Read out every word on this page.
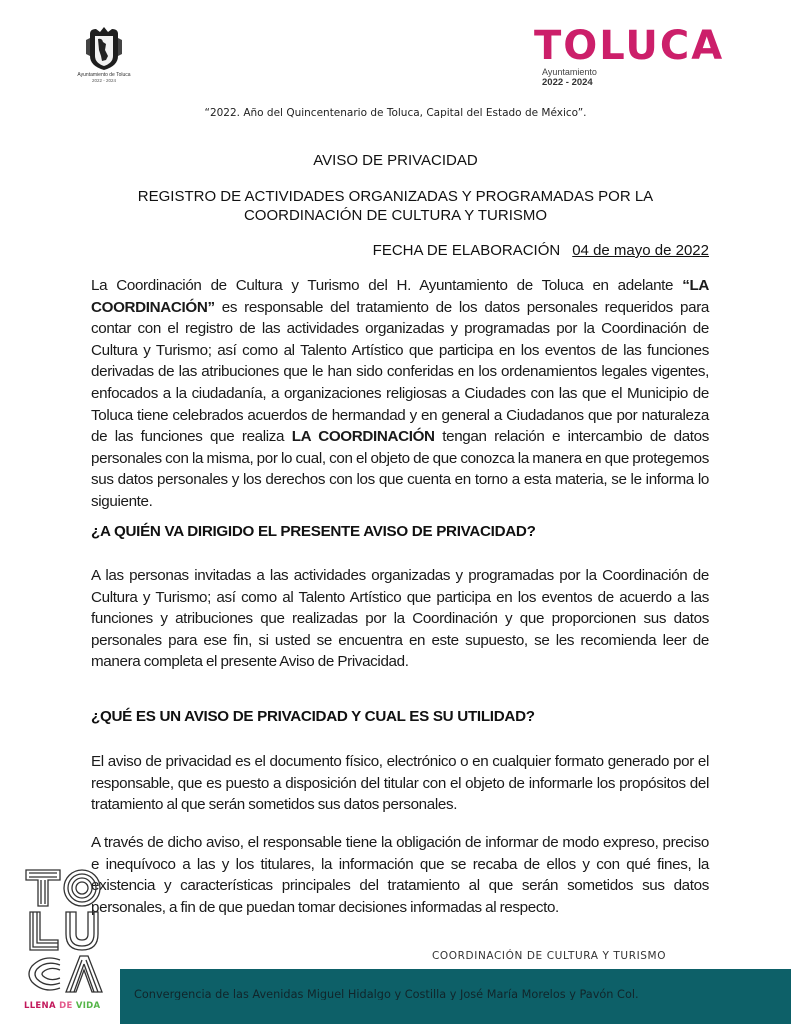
Ayuntamiento de Toluca
2022 - 2024
TOLUCA
Ayuntamiento
2022 - 2024
“2022. Año del Quincentenario de Toluca, Capital del Estado de México”.
AVISO DE PRIVACIDAD
REGISTRO DE ACTIVIDADES ORGANIZADAS Y PROGRAMADAS POR LA
COORDINACIÓN DE CULTURA Y TURISMO
FECHA DE ELABORACIÓN 04 de mayo de 2022
La Coordinación de Cultura y Turismo del H. Ayuntamiento de Toluca en adelante “LA COORDINACIÓN” es responsable del tratamiento de los datos personales requeridos para contar con el registro de las actividades organizadas y programadas por la Coordinación de Cultura y Turismo; así como al Talento Artístico que participa en los eventos de las funciones derivadas de las atribuciones que le han sido conferidas en los ordenamientos legales vigentes, enfocados a la ciudadanía, a organizaciones religiosas a Ciudades con las que el Municipio de Toluca tiene celebrados acuerdos de hermandad y en general a Ciudadanos que por naturaleza de las funciones que realiza LA COORDINACIÓN tengan relación e intercambio de datos personales con la misma, por lo cual, con el objeto de que conozca la manera en que protegemos sus datos personales y los derechos con los que cuenta en torno a esta materia, se le informa lo siguiente.
¿A QUIÉN VA DIRIGIDO EL PRESENTE AVISO DE PRIVACIDAD?
A las personas invitadas a las actividades organizadas y programadas por la Coordinación de Cultura y Turismo; así como al Talento Artístico que participa en los eventos de acuerdo a las funciones y atribuciones que realizadas por la Coordinación y que proporcionen sus datos personales para ese fin, si usted se encuentra en este supuesto, se les recomienda leer de manera completa el presente Aviso de Privacidad.
¿QUÉ ES UN AVISO DE PRIVACIDAD Y CUAL ES SU UTILIDAD?
El aviso de privacidad es el documento físico, electrónico o en cualquier formato generado por el responsable, que es puesto a disposición del titular con el objeto de informarle los propósitos del tratamiento al que serán sometidos sus datos personales.
A través de dicho aviso, el responsable tiene la obligación de informar de modo expreso, preciso e inequívoco a las y los titulares, la información que se recaba de ellos y con qué fines, la existencia y características principales del tratamiento al que serán sometidos sus datos personales, a fin de que puedan tomar decisiones informadas al respecto.
LLENA DE VIDA
COORDINACIÓN DE CULTURA Y TURISMO
Convergencia de las Avenidas Miguel Hidalgo y Costilla y José María Morelos y Pavón Col.
